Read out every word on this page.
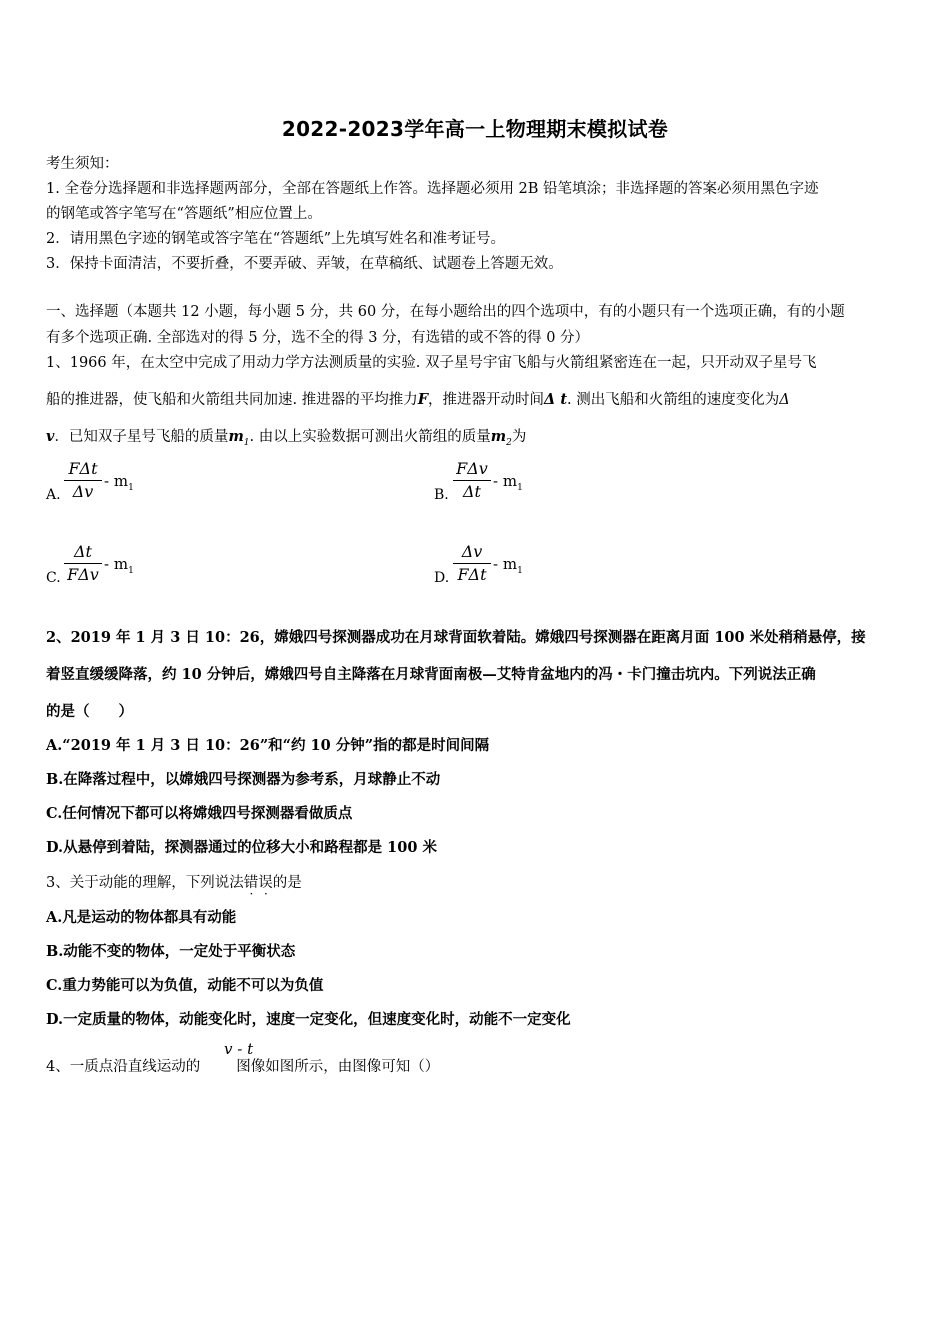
2022-2023学年高一上物理期末模拟试卷
考生须知：
1. 全卷分选择题和非选择题两部分，全部在答题纸上作答。选择题必须用 2B 铅笔填涂；非选择题的答案必须用黑色字迹
的钢笔或答字笔写在“答题纸”相应位置上。
2．请用黑色字迹的钢笔或答字笔在“答题纸”上先填写姓名和准考证号。
3．保持卡面清洁，不要折叠，不要弄破、弄皱，在草稿纸、试题卷上答题无效。
一、选择题（本题共 12 小题，每小题 5 分，共 60 分，在每小题给出的四个选项中，有的小题只有一个选项正确，有的小题
有多个选项正确. 全部选对的得 5 分，选不全的得 3 分，有选错的或不答的得 0 分）
1、1966 年，在太空中完成了用动力学方法测质量的实验. 双子星号宇宙飞船与火箭组紧密连在一起，只开动双子星号飞
船的推进器，使飞船和火箭组共同加速. 推进器的平均推力F，推进器开动时间Δ t. 测出飞船和火箭组的速度变化为Δ
v．已知双子星号飞船的质量$m_1$. 由以上实验数据可测出火箭组的质量$m_2$为
A.
FΔt
Δv
- $m_1$	B.
FΔv
Δt
- $m_1$
C.
Δt
FΔv
- $m_1$	D.
Δv
FΔt
- $m_1$
2、2019 年 1 月 3 日 10：26，嫦娥四号探测器成功在月球背面软着陆。嫦娥四号探测器在距离月面 100 米处稍稍悬停，接
着竖直缓缓降落，约 10 分钟后，嫦娥四号自主降落在月球背面南极—艾特肯盆地内的冯・卡门撞击坑内。下列说法正确
的是（　　）
A.“2019 年 1 月 3 日 10：26”和“约 10 分钟”指的都是时间间隔
B.在降落过程中，以嫦娥四号探测器为参考系，月球静止不动
C.任何情况下都可以将嫦娥四号探测器看做质点
D.从悬停到着陆，探测器通过的位移大小和路程都是 100 米
3、关于动能的理解，下列说法错误的是
A.凡是运动的物体都具有动能
B.动能不变的物体，一定处于平衡状态
C.重力势能可以为负值，动能不可以为负值
D.一定质量的物体，动能变化时，速度一定变化，但速度变化时，动能不一定变化
4、一质点沿直线运动的 图像如图所示，由图像可知（）
v - t
